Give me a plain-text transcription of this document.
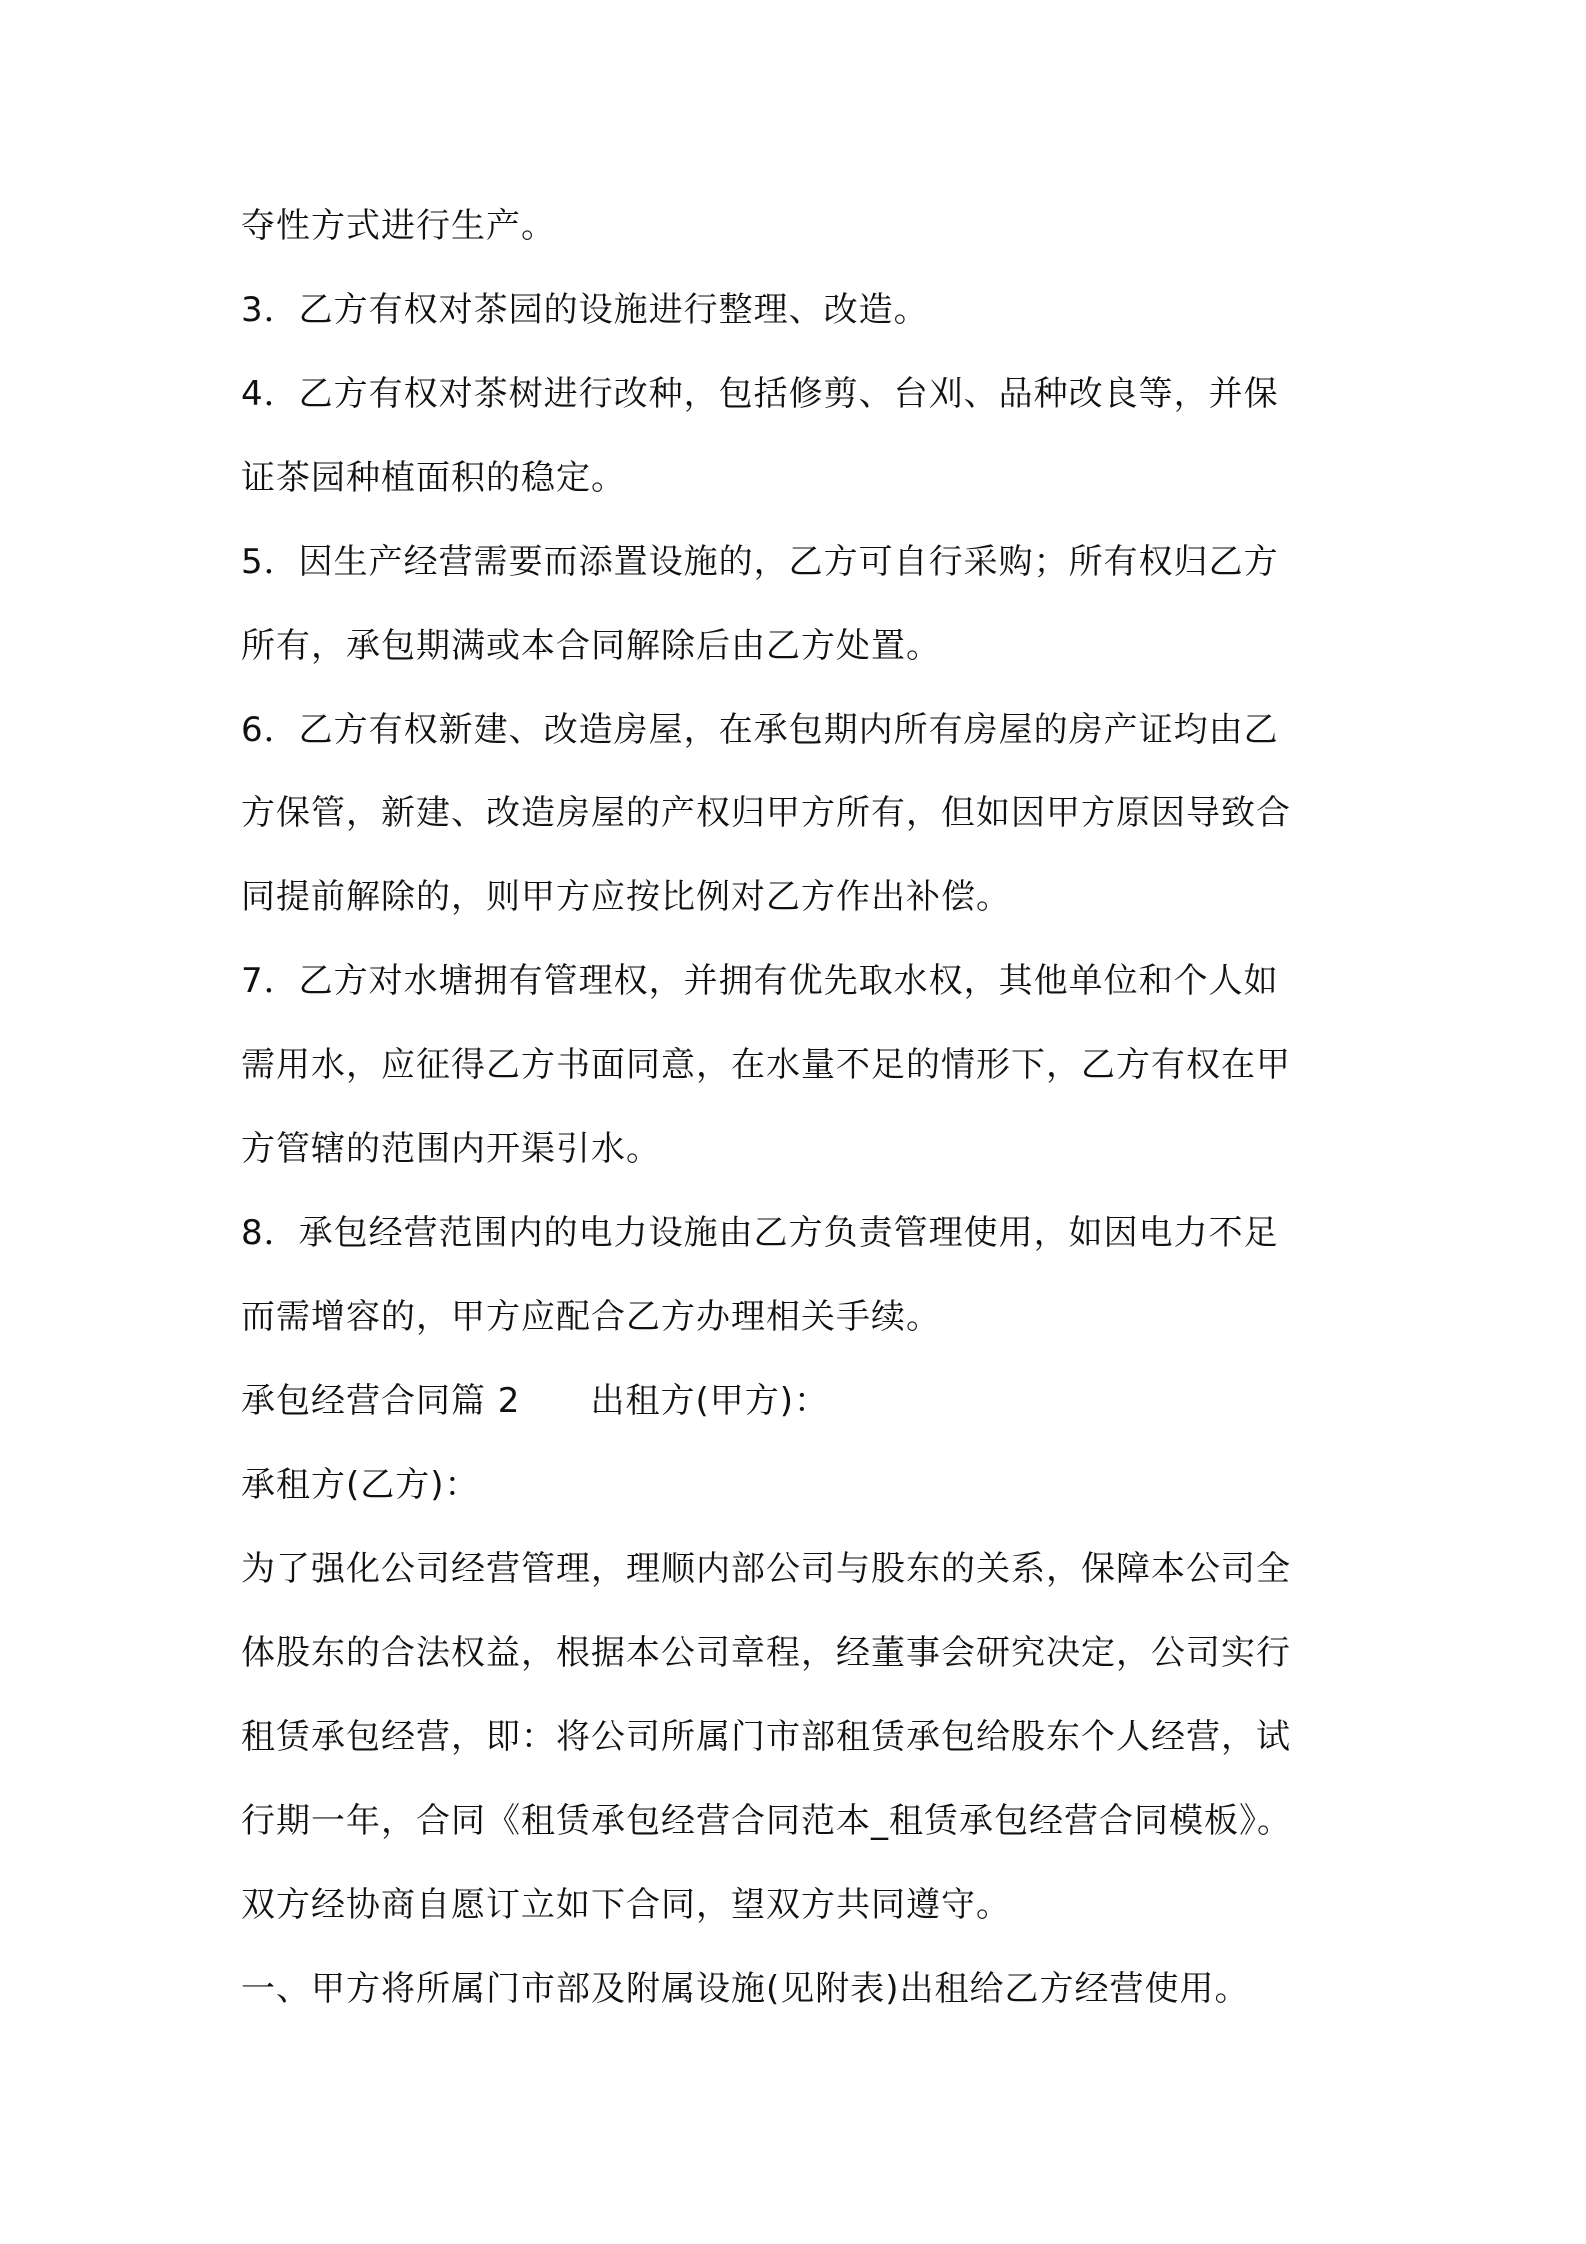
夺性方式进行生产。
3．乙方有权对茶园的设施进行整理、改造。
4．乙方有权对茶树进行改种，包括修剪、台刈、品种改良等，并保
证茶园种植面积的稳定。
5．因生产经营需要而添置设施的，乙方可自行采购；所有权归乙方
所有，承包期满或本合同解除后由乙方处置。
6．乙方有权新建、改造房屋，在承包期内所有房屋的房产证均由乙
方保管，新建、改造房屋的产权归甲方所有，但如因甲方原因导致合
同提前解除的，则甲方应按比例对乙方作出补偿。
7．乙方对水塘拥有管理权，并拥有优先取水权，其他单位和个人如
需用水，应征得乙方书面同意，在水量不足的情形下，乙方有权在甲
方管辖的范围内开渠引水。
8．承包经营范围内的电力设施由乙方负责管理使用，如因电力不足
而需增容的，甲方应配合乙方办理相关手续。
承包经营合同篇 2　　出租方(甲方)：
承租方(乙方)：
为了强化公司经营管理，理顺内部公司与股东的关系，保障本公司全
体股东的合法权益，根据本公司章程，经董事会研究决定，公司实行
租赁承包经营，即：将公司所属门市部租赁承包给股东个人经营，试
行期一年，合同《租赁承包经营合同范本_租赁承包经营合同模板》。
双方经协商自愿订立如下合同，望双方共同遵守。
一、甲方将所属门市部及附属设施(见附表)出租给乙方经营使用。
